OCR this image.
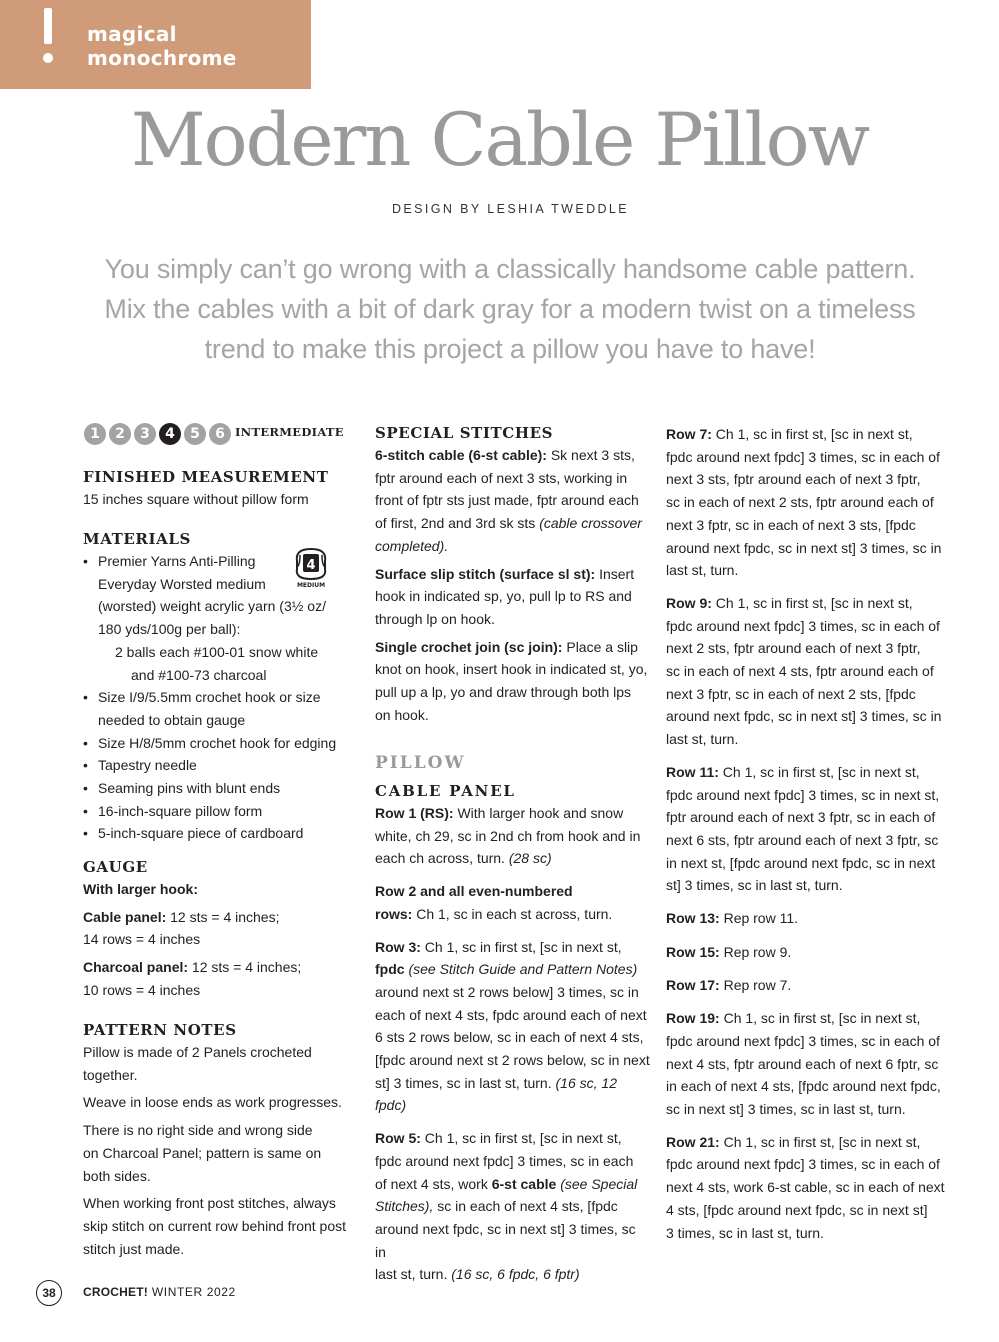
magical
monochrome
Modern Cable Pillow
DESIGN BY LESHIA TWEDDLE
You simply can’t go wrong with a classically handsome cable pattern.
Mix the cables with a bit of dark gray for a modern twist on a timeless
trend to make this project a pillow you have to have!
1	2	3	4	5	6 INTERMEDIATE
FINISHED MEASUREMENT

15 inches square without pillow form

MATERIALS
• Premier Yarns Anti-Pilling
Everyday Worsted medium
(worsted) weight acrylic yarn (3½ oz/
180 yds/100g per ball):
2 balls each #100-01 snow white
and #100-73 charcoal
• Size I/9/5.5mm crochet hook or size
needed to obtain gauge
• Size H/8/5mm crochet hook for edging
• Tapestry needle
• Seaming pins with blunt ends
• 16-inch-square pillow form
• 5-inch-square piece of cardboard
GAUGE

With larger hook:

Cable panel: 12 sts = 4 inches;

14 rows = 4 inches

Charcoal panel: 12 sts = 4 inches;

10 rows = 4 inches

PATTERN NOTES

Pillow is made of 2 Panels crocheted

together.

Weave in loose ends as work progresses.

There is no right side and wrong side

on Charcoal Panel; pattern is same on

both sides.

When working front post stitches, always

skip stitch on current row behind front post

stitch just made.

4
MEDIUM
SPECIAL STITCHES

6-stitch cable (6-st cable): Sk next 3 sts,

fptr around each of next 3 sts, working in

front of fptr sts just made, fptr around each

of first, 2nd and 3rd sk sts (cable crossover

completed).

Surface slip stitch (surface sl st): Insert

hook in indicated sp, yo, pull lp to RS and

through lp on hook.

Single crochet join (sc join): Place a slip

knot on hook, insert hook in indicated st, yo,

pull up a lp, yo and draw through both lps

on hook.

PILLOW
CABLE PANEL

Row 1 (RS): With larger hook and snow

white, ch 29, sc in 2nd ch from hook and in

each ch across, turn. (28 sc)

Row 2 and all even-numbered

rows: Ch 1, sc in each st across, turn.

Row 3: Ch 1, sc in first st, [sc in next st,

fpdc (see Stitch Guide and Pattern Notes)

around next st 2 rows below] 3 times, sc in

each of next 4 sts, fpdc around each of next

6 sts 2 rows below, sc in each of next 4 sts,

[fpdc around next st 2 rows below, sc in next

st] 3 times, sc in last st, turn. (16 sc, 12 fpdc)

Row 5: Ch 1, sc in first st, [sc in next st,

fpdc around next fpdc] 3 times, sc in each

of next 4 sts, work 6-st cable (see Special

Stitches), sc in each of next 4 sts, [fpdc

around next fpdc, sc in next st] 3 times, sc in

last st, turn. (16 sc, 6 fpdc, 6 fptr)

Row 7: Ch 1, sc in first st, [sc in next st,

fpdc around next fpdc] 3 times, sc in each of

next 3 sts, fptr around each of next 3 fptr,

sc in each of next 2 sts, fptr around each of

next 3 fptr, sc in each of next 3 sts, [fpdc

around next fpdc, sc in next st] 3 times, sc in

last st, turn.

Row 9: Ch 1, sc in first st, [sc in next st,

fpdc around next fpdc] 3 times, sc in each of

next 2 sts, fptr around each of next 3 fptr,

sc in each of next 4 sts, fptr around each of

next 3 fptr, sc in each of next 2 sts, [fpdc

around next fpdc, sc in next st] 3 times, sc in

last st, turn.

Row 11: Ch 1, sc in first st, [sc in next st,

fpdc around next fpdc] 3 times, sc in next st,

fptr around each of next 3 fptr, sc in each of

next 6 sts, fptr around each of next 3 fptr, sc

in next st, [fpdc around next fpdc, sc in next

st] 3 times, sc in last st, turn.

Row 13: Rep row 11.

Row 15: Rep row 9.

Row 17: Rep row 7.

Row 19: Ch 1, sc in first st, [sc in next st,

fpdc around next fpdc] 3 times, sc in each of

next 4 sts, fptr around each of next 6 fptr, sc

in each of next 4 sts, [fpdc around next fpdc,

sc in next st] 3 times, sc in last st, turn.

Row 21: Ch 1, sc in first st, [sc in next st,

fpdc around next fpdc] 3 times, sc in each of

next 4 sts, work 6-st cable, sc in each of next

4 sts, [fpdc around next fpdc, sc in next st]

3 times, sc in last st, turn.

38	CROCHET! WINTER 2022
